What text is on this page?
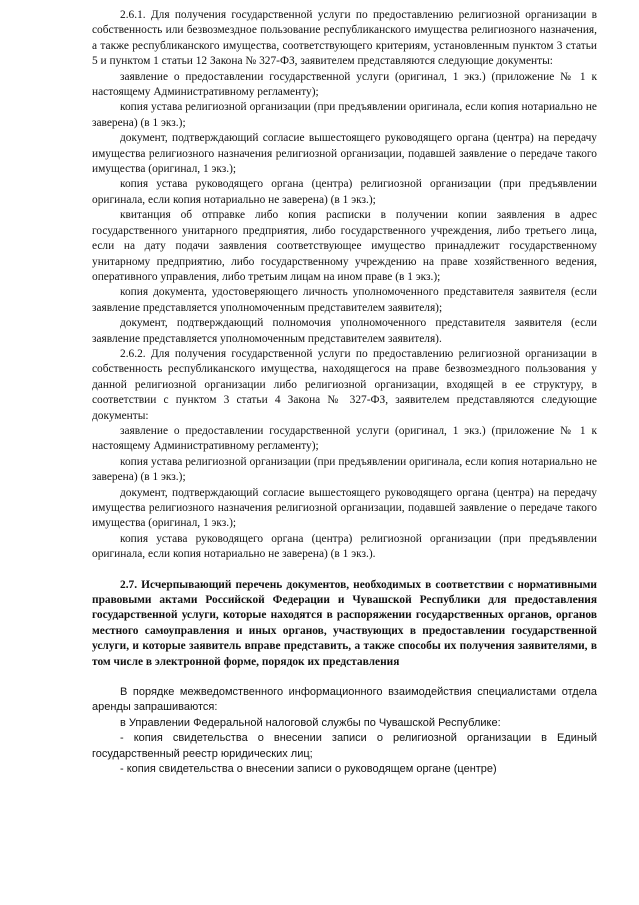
2.6.1. Для получения государственной услуги по предоставлению религиозной организации в собственность или безвозмездное пользование республиканского имущества религиозного назначения, а также республиканского имущества, соответствующего критериям, установленным пунктом 3 статьи 5 и пунктом 1 статьи 12 Закона № 327-ФЗ, заявителем представляются следующие документы:

заявление о предоставлении государственной услуги (оригинал, 1 экз.) (приложение № 1 к настоящему Административному регламенту);

копия устава религиозной организации (при предъявлении оригинала, если копия нотариально не заверена) (в 1 экз.);

документ, подтверждающий согласие вышестоящего руководящего органа (центра) на передачу имущества религиозного назначения религиозной организации, подавшей заявление о передаче такого имущества (оригинал, 1 экз.);

копия устава руководящего органа (центра) религиозной организации (при предъявлении оригинала, если копия нотариально не заверена) (в 1 экз.);

квитанция об отправке либо копия расписки в получении копии заявления в адрес государственного унитарного предприятия, либо государственного учреждения, либо третьего лица, если на дату подачи заявления соответствующее имущество принадлежит государственному унитарному предприятию, либо государственному учреждению на праве хозяйственного ведения, оперативного управления, либо третьим лицам на ином праве (в 1 экз.);

копия документа, удостоверяющего личность уполномоченного представителя заявителя (если заявление представляется уполномоченным представителем заявителя);

документ, подтверждающий полномочия уполномоченного представителя заявителя (если заявление представляется уполномоченным представителем заявителя).

2.6.2. Для получения государственной услуги по предоставлению религиозной организации в собственность республиканского имущества, находящегося на праве безвозмездного пользования у данной религиозной организации либо религиозной организации, входящей в ее структуру, в соответствии с пунктом 3 статьи 4 Закона № 327-ФЗ, заявителем представляются следующие документы:

заявление о предоставлении государственной услуги (оригинал, 1 экз.) (приложение № 1 к настоящему Административному регламенту);

копия устава религиозной организации (при предъявлении оригинала, если копия нотариально не заверена) (в 1 экз.);

документ, подтверждающий согласие вышестоящего руководящего органа (центра) на передачу имущества религиозного назначения религиозной организации, подавшей заявление о передаче такого имущества (оригинал, 1 экз.);

копия устава руководящего органа (центра) религиозной организации (при предъявлении оригинала, если копия нотариально не заверена) (в 1 экз.).

2.7. Исчерпывающий перечень документов, необходимых в соответствии с нормативными правовыми актами Российской Федерации и Чувашской Республики для предоставления государственной услуги, которые находятся в распоряжении государственных органов, органов местного самоуправления и иных органов, участвующих в предоставлении государственной услуги, и которые заявитель вправе представить, а также способы их получения заявителями, в том числе в электронной форме, порядок их представления

В порядке межведомственного информационного взаимодействия специалистами отдела аренды запрашиваются:

в Управлении Федеральной налоговой службы по Чувашской Республике:

- копия свидетельства о внесении записи о религиозной организации в Единый государственный реестр юридических лиц;

- копия свидетельства о внесении записи о руководящем органе (центре)
